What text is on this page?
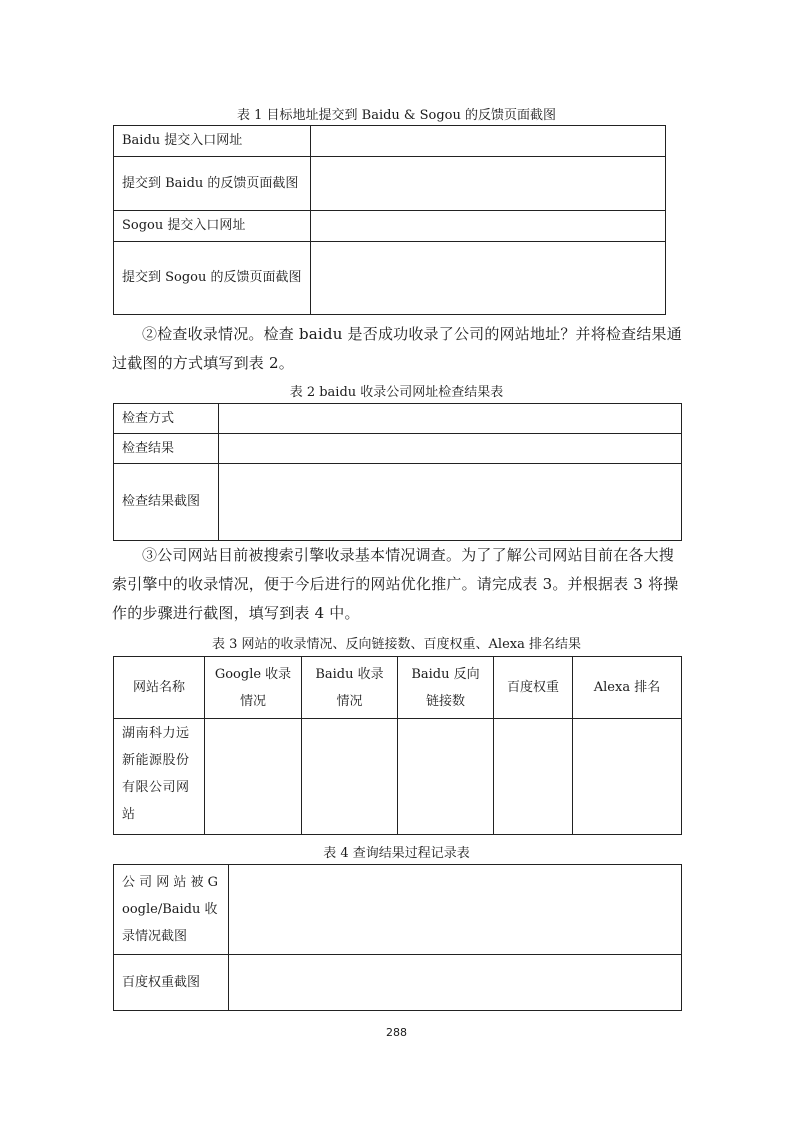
表 1 目标地址提交到 Baidu & Sogou 的反馈页面截图
Baidu 提交入口网址	
提交到 Baidu 的反馈页面截图	
Sogou 提交入口网址	
提交到 Sogou 的反馈页面截图	
②检查收录情况。检查 baidu 是否成功收录了公司的网站地址？并将检查结果通过截图的方式填写到表 2。
表 2 baidu 收录公司网址检查结果表
检查方式	
检查结果	
检查结果截图	
③公司网站目前被搜索引擎收录基本情况调查。为了了解公司网站目前在各大搜索引擎中的收录情况，便于今后进行的网站优化推广。请完成表 3。并根据表 3 将操作的步骤进行截图，填写到表 4 中。
表 3 网站的收录情况、反向链接数、百度权重、Alexa 排名结果
网站名称	Google 收录情况	Baidu 收录情况	Baidu 反向链接数	百度权重	Alexa 排名
湖南科力远新能源股份有限公司网站					
表 4 查询结果过程记录表
公 司 网 站 被 Google/Baidu 收录情况截图	
百度权重截图	
288
